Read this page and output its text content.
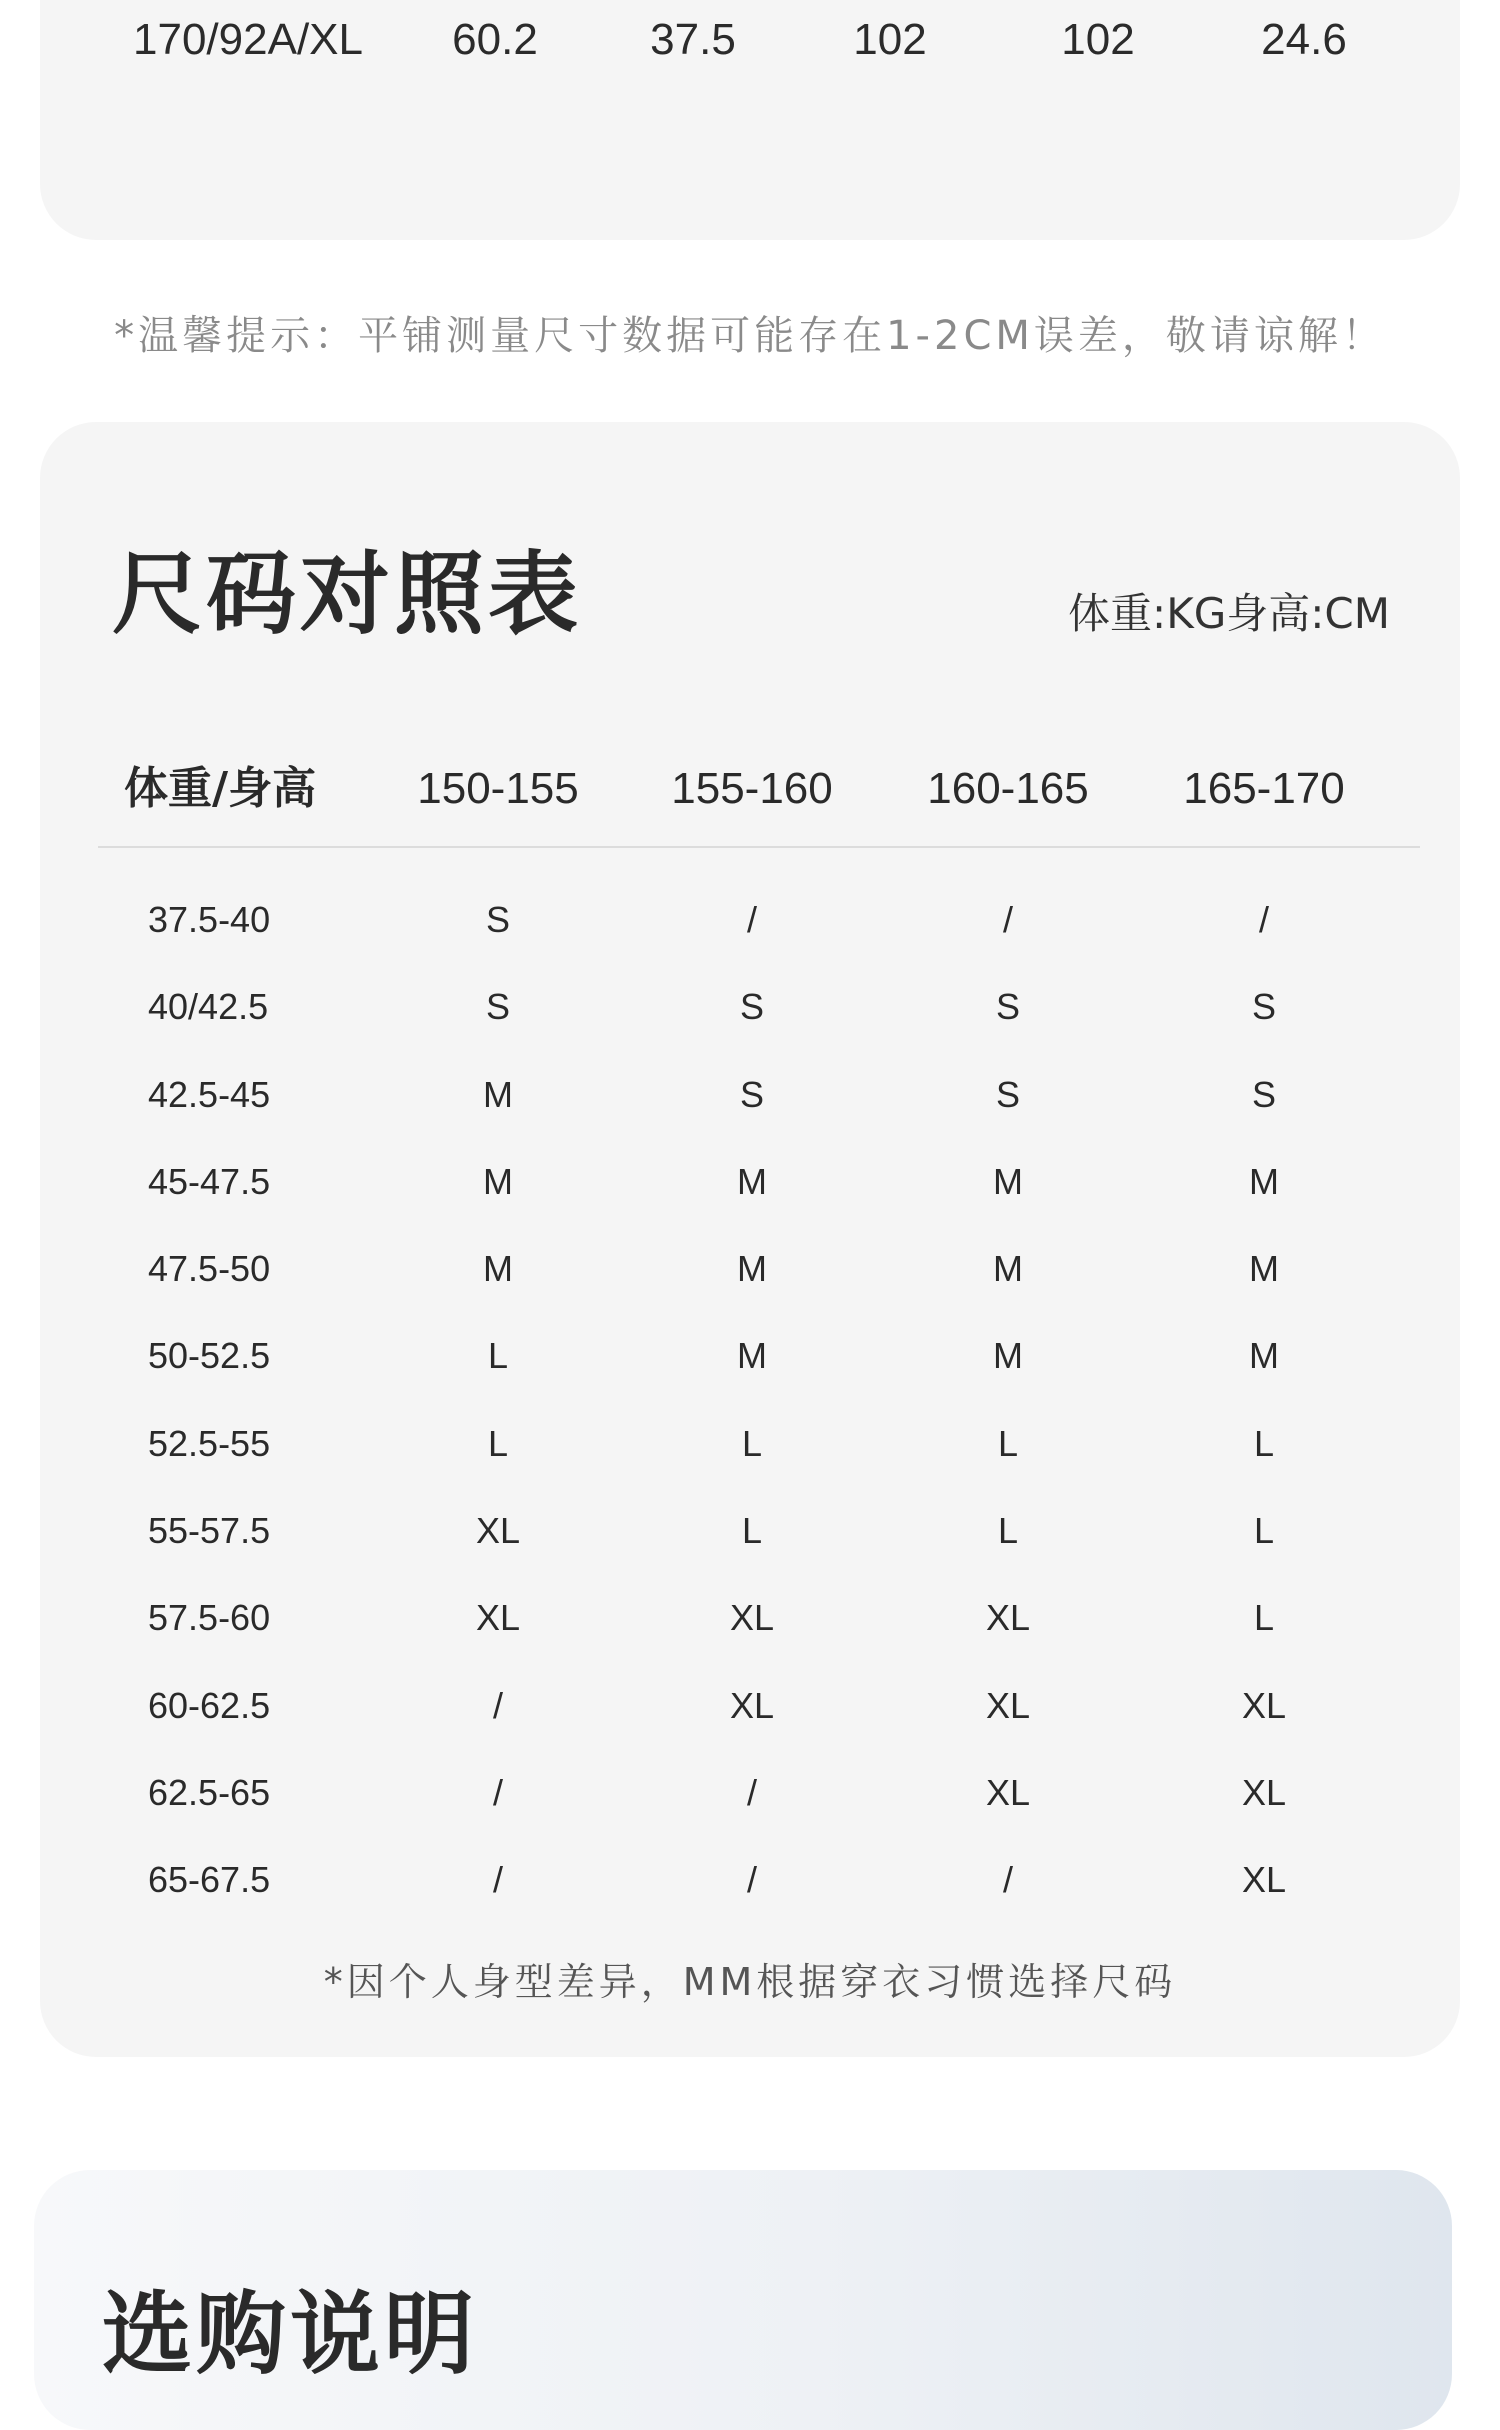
170/92A/XL 60.2	37.5	102	102	24.6
*温馨提示：平铺测量尺寸数据可能存在1-2CM误差，敬请谅解！
尺码对照表	体重:KG身高:CM
体重/身高 150-155 155-160 160-165 165-170
37.5-40	S	/	/	/
40/42.5	S	S	S	S
42.5-45	M	S	S	S
45-47.5	M	M	M	M
47.5-50	M	M	M	M
50-52.5	L	M	M	M
52.5-55	L	L	L	L
55-57.5	XL	L	L	L
57.5-60	XL	XL	XL	L
60-62.5	/	XL	XL	XL
62.5-65	/	/	XL	XL
65-67.5	/	/	/	XL
*因个人身型差异，MM根据穿衣习惯选择尺码
选购说明
